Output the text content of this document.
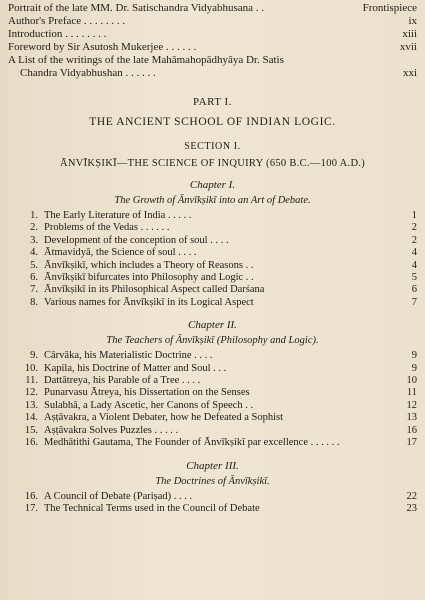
Portrait of the late MM. Dr. Satischandra Vidyabhusana . .	Frontispiece
Author's Preface . . . . . . . .	ix
Introduction . . . . . . . .	xiii
Foreword by Sir Asutosh Mukerjee . . . . . .	xvii
A List of the writings of the late Mahāmahopādhyāya Dr. Satis
Chandra Vidyabhushan . . . . . .	xxi
PART I.
THE ANCIENT SCHOOL OF INDIAN LOGIC.
SECTION I.
ĀNVĪKṢIKĪ—THE SCIENCE OF INQUIRY (650 B.C.—100 A.D.)
Chapter I.
The Growth of Ānvīkṣikī into an Art of Debate.
1. The Early Literature of India . . . . .	1
2. Problems of the Vedas . . . . . .	2
3. Development of the conception of soul . . . .	2
4. Ātmavidyā, the Science of soul . . . .	4
5. Ānvīkṣikī, which includes a Theory of Reasons . .	4
6. Ānvīkṣikī bifurcates into Philosophy and Logic . .	5
7. Ānvīkṣikī in its Philosophical Aspect called Darśana	6
8. Various names for Ānvīkṣikī in its Logical Aspect	7
Chapter II.
The Teachers of Ānvīkṣikī (Philosophy and Logic).
9. Cārvāka, his Materialistic Doctrine . . . .	9
10. Kapila, his Doctrine of Matter and Soul . . .	9
11. Dattātreya, his Parable of a Tree . . . .	10
12. Punarvasu Ātreya, his Dissertation on the Senses	11
13. Sulabhā, a Lady Ascetic, her Canons of Speech . .	12
14. Aṣṭāvakra, a Violent Debater, how he Defeated a Sophist	13
15. Aṣṭāvakra Solves Puzzles . . . . .	16
16. Medhātithi Gautama, The Founder of Ānvīkṣikī par excellence . . . . . .	17
Chapter III.
The Doctrines of Ānvīkṣikī.
16. A Council of Debate (Pariṣad) . . . .	22
17. The Technical Terms used in the Council of Debate	23
